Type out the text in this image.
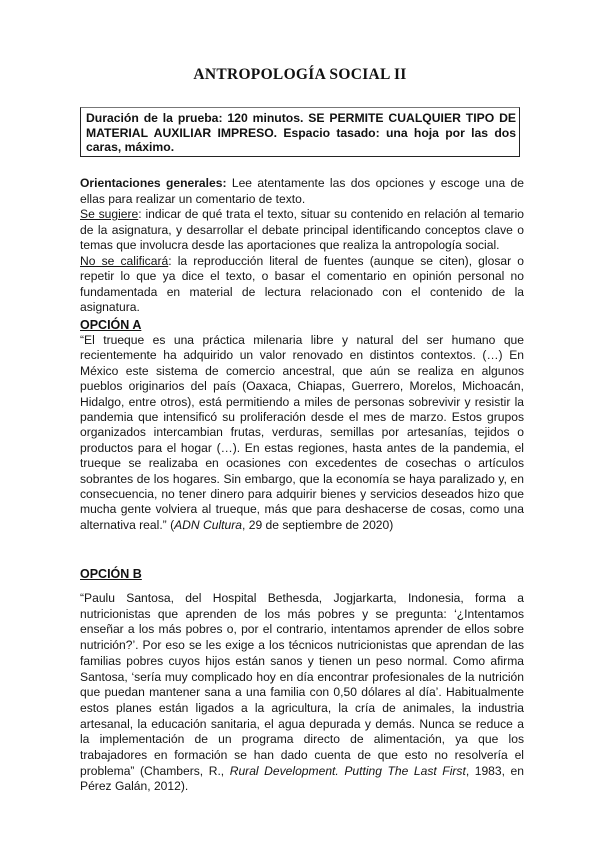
ANTROPOLOGÍA SOCIAL II
Duración de la prueba: 120 minutos. SE PERMITE CUALQUIER TIPO DE MATERIAL AUXILIAR IMPRESO. Espacio tasado: una hoja por las dos caras, máximo.

Orientaciones generales: Lee atentamente las dos opciones y escoge una de ellas para realizar un comentario de texto.

Se sugiere: indicar de qué trata el texto, situar su contenido en relación al temario de la asignatura, y desarrollar el debate principal identificando conceptos clave o temas que involucra desde las aportaciones que realiza la antropología social.

No se calificará: la reproducción literal de fuentes (aunque se citen), glosar o repetir lo que ya dice el texto, o basar el comentario en opinión personal no fundamentada en material de lectura relacionado con el contenido de la asignatura.

OPCIÓN A
“El trueque es una práctica milenaria libre y natural del ser humano que recientemente ha adquirido un valor renovado en distintos contextos. (…) En México este sistema de comercio ancestral, que aún se realiza en algunos pueblos originarios del país (Oaxaca, Chiapas, Guerrero, Morelos, Michoacán, Hidalgo, entre otros), está permitiendo a miles de personas sobrevivir y resistir la pandemia que intensificó su proliferación desde el mes de marzo. Estos grupos organizados intercambian frutas, verduras, semillas por artesanías, tejidos o productos para el hogar (…). En estas regiones, hasta antes de la pandemia, el trueque se realizaba en ocasiones con excedentes de cosechas o artículos sobrantes de los hogares. Sin embargo, que la economía se haya paralizado y, en consecuencia, no tener dinero para adquirir bienes y servicios deseados hizo que mucha gente volviera al trueque, más que para deshacerse de cosas, como una alternativa real.” (ADN Cultura, 29 de septiembre de 2020)
OPCIÓN B
“Paulu Santosa, del Hospital Bethesda, Jogjarkarta, Indonesia, forma a nutricionistas que aprenden de los más pobres y se pregunta: ‘¿Intentamos enseñar a los más pobres o, por el contrario, intentamos aprender de ellos sobre nutrición?’. Por eso se les exige a los técnicos nutricionistas que aprendan de las familias pobres cuyos hijos están sanos y tienen un peso normal. Como afirma Santosa, ‘sería muy complicado hoy en día encontrar profesionales de la nutrición que puedan mantener sana a una familia con 0,50 dólares al día’. Habitualmente estos planes están ligados a la agricultura, la cría de animales, la industria artesanal, la educación sanitaria, el agua depurada y demás. Nunca se reduce a la implementación de un programa directo de alimentación, ya que los trabajadores en formación se han dado cuenta de que esto no resolvería el problema” (Chambers, R., Rural Development. Putting The Last First, 1983, en Pérez Galán, 2012).
